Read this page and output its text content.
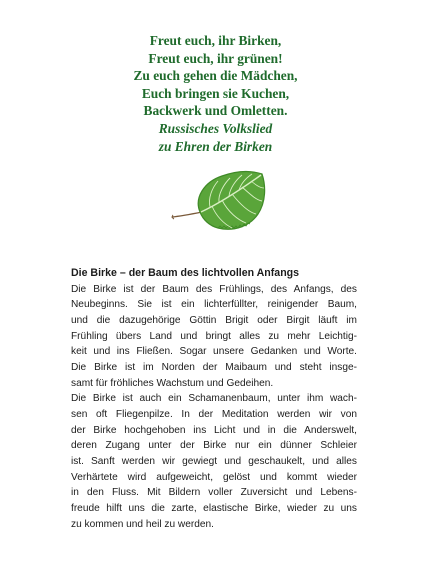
Freut euch, ihr Birken,
Freut euch, ihr grünen!
Zu euch gehen die Mädchen,
Euch bringen sie Kuchen,
Backwerk und Omletten.
Russisches Volkslied
zu Ehren der Birken
Die Birke – der Baum des lichtvollen Anfangs
Die Birke ist der Baum des Frühlings, des Anfangs, des
Neubeginns. Sie ist ein lichterfüllter, reinigender Baum,
und die dazugehörige Göttin Brigit oder Birgit läuft im
Frühling übers Land und bringt alles zu mehr Leichtig-
keit und ins Fließen. Sogar unsere Gedanken und Worte.
Die Birke ist im Norden der Maibaum und steht insge-
samt für fröhliches Wachstum und Gedeihen.
Die Birke ist auch ein Schamanenbaum, unter ihm wach-
sen oft Fliegenpilze. In der Meditation werden wir von
der Birke hochgehoben ins Licht und in die Anderswelt,
deren Zugang unter der Birke nur ein dünner Schleier
ist. Sanft werden wir gewiegt und geschaukelt, und alles
Verhärtete wird aufgeweicht, gelöst und kommt wieder
in den Fluss. Mit Bildern voller Zuversicht und Lebens-
freude hilft uns die zarte, elastische Birke, wieder zu uns
zu kommen und heil zu werden.
